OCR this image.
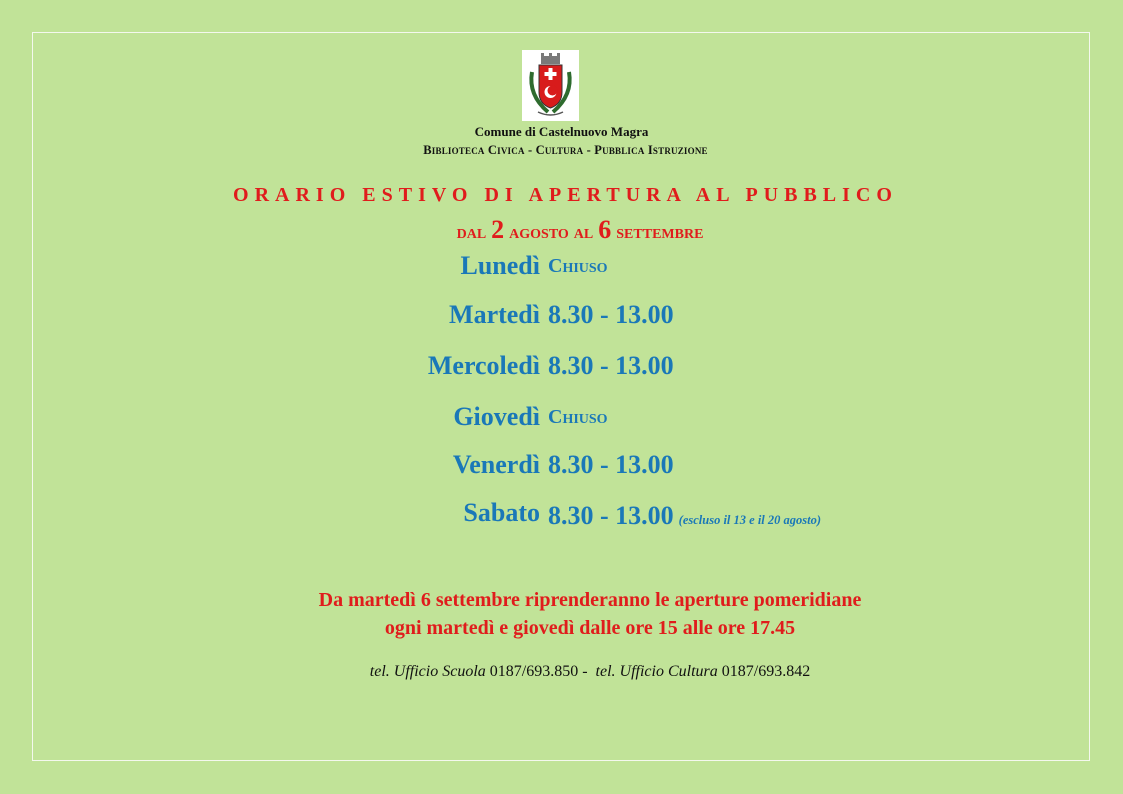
Comune di Castelnuovo Magra
Biblioteca Civica - Cultura - Pubblica Istruzione
ORARIO ESTIVO DI APERTURA AL PUBBLICO
dal 2 agosto al 6 settembre
Lunedì Chiuso
Martedì 8.30 - 13.00
Mercoledì 8.30 - 13.00
Giovedì Chiuso
Venerdì 8.30 - 13.00
Sabato 8.30 - 13.00 (escluso il 13 e il 20 agosto)
Da martedì 6 settembre riprenderanno le aperture pomeridiane
ogni martedì e giovedì dalle ore 15 alle ore 17.45
tel. Ufficio Scuola 0187/693.850 - tel. Ufficio Cultura 0187/693.842
